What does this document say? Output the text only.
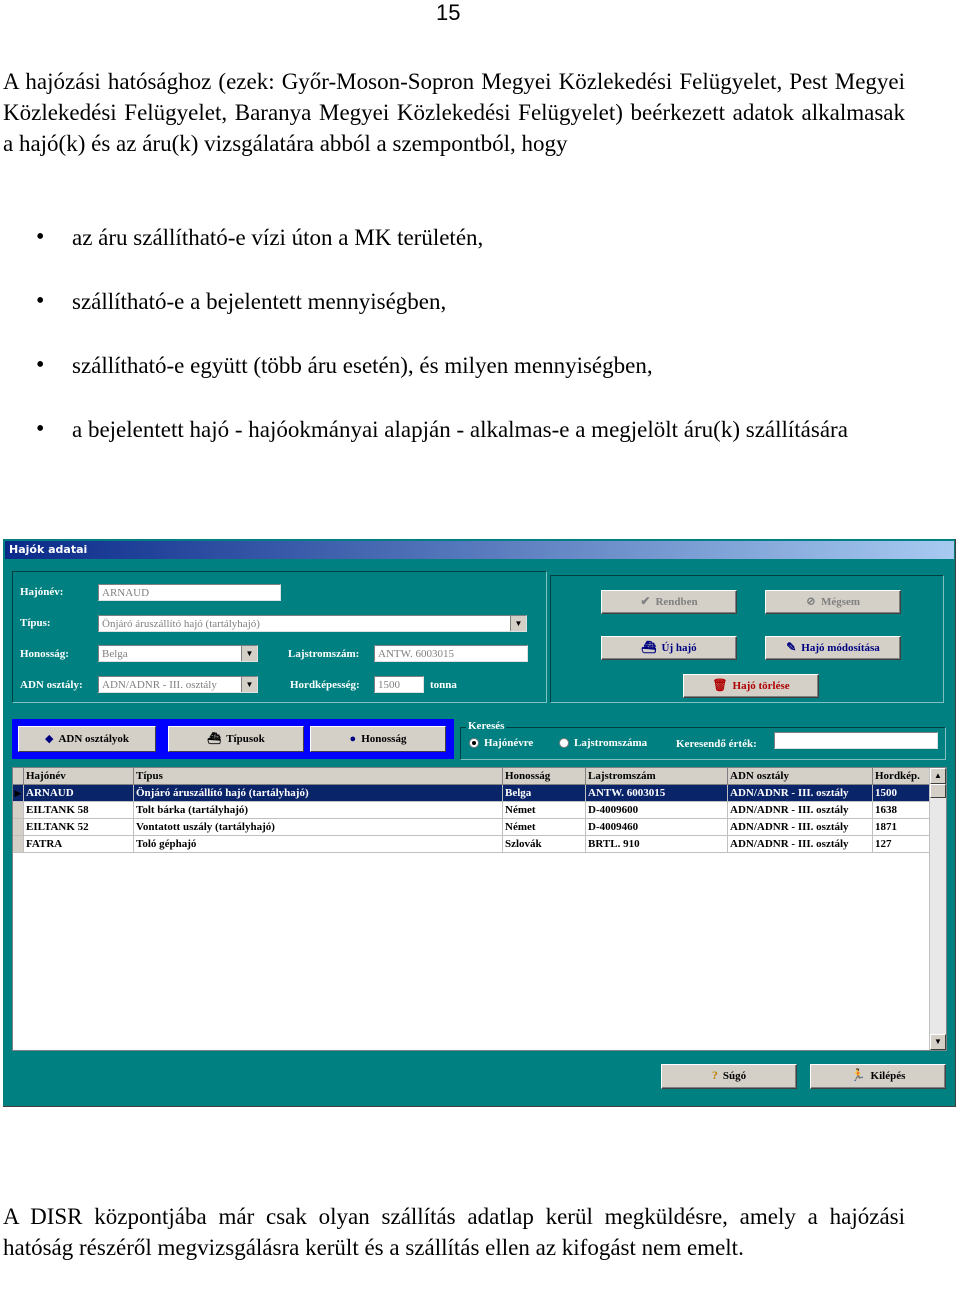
15
A hajózási hatósághoz (ezek: Győr-Moson-Sopron Megyei Közlekedési Felügyelet, Pest Megyei Közlekedési Felügyelet, Baranya Megyei Közlekedési Felügyelet) beérkezett adatok alkalmasak a hajó(k) és az áru(k) vizsgálatára abból a szempontból, hogy
• az áru szállítható-e vízi úton a MK területén,
• szállítható-e a bejelentett mennyiségben,
• szállítható-e együtt (több áru esetén), és milyen mennyiségben,
• a bejelentett hajó - hajóokmányai alapján - alkalmas-e a megjelölt áru(k) szállítására
Hajók adatai
Hajónév:	ARNAUD
Típus:	Önjáró áruszállító hajó (tartályhajó)	▼
Honosság:	Belga	▼	Lajstromszám:	ANTW. 6003015
ADN osztály:	ADN/ADNR - III. osztály	▼	Hordképesség:	1500	tonna
✔ Rendben	⊘ Mégsem
⛴ Új hajó	✎ Hajó módosítása
🗑 Hajó törlése
◆ ADN osztályok	⛴ Típusok	● Honosság
Keresés
Hajónévre	Lajstromszáma	Keresendő érték:
	Hajónév	Típus	Honosság	Lajstromszám	ADN osztály	Hordkép.
▶	ARNAUD	Önjáró áruszállító hajó (tartályhajó)	Belga	ANTW. 6003015	ADN/ADNR - III. osztály	1500
	EILTANK 58	Tolt bárka (tartályhajó)	Német	D-4009600	ADN/ADNR - III. osztály	1638
	EILTANK 52	Vontatott uszály (tartályhajó)	Német	D-4009460	ADN/ADNR - III. osztály	1871
	FATRA	Toló géphajó	Szlovák	BRTL. 910	ADN/ADNR - III. osztály	127
▲
▼
? Súgó	🏃 Kilépés
A DISR központjába már csak olyan szállítás adatlap kerül megküldésre, amely a hajózási hatóság részéről megvizsgálásra került és a szállítás ellen az kifogást nem emelt.
